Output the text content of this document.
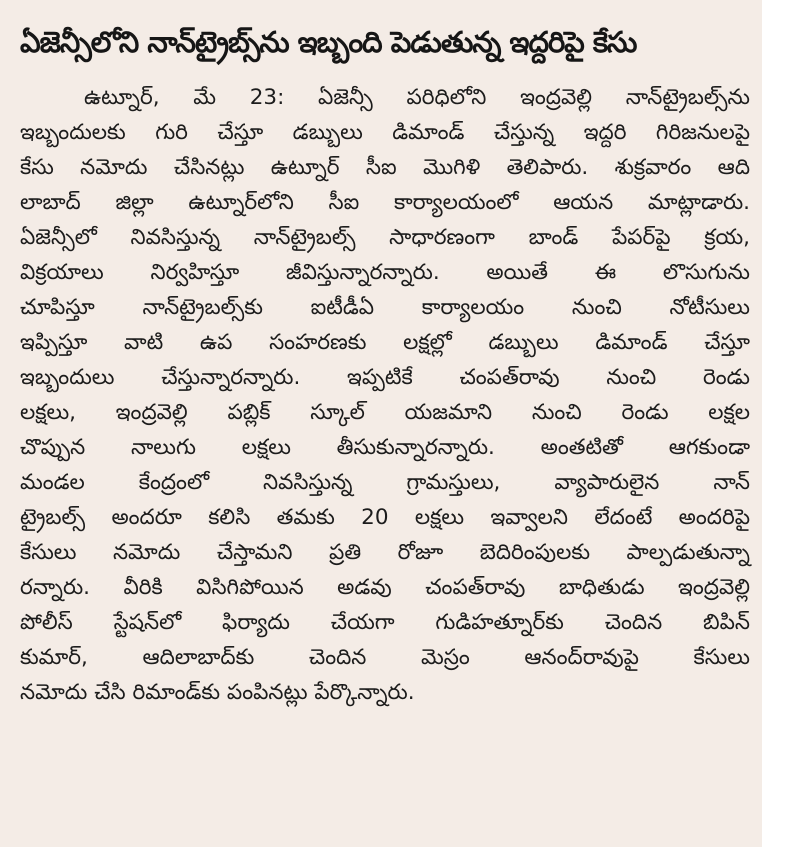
ఏజెన్సీలోని నాన్‌ట్రైబ్స్‌ను ఇబ్బంది పెడుతున్న ఇద్దరిపై కేసు
ఉట్నూర్, మే 23: ఏజెన్సీ పరిధిలోని ఇంద్రవెల్లి నాన్‌ట్రైబల్స్‌ను
ఇబ్బందులకు గురి చేస్తూ డబ్బులు డిమాండ్ చేస్తున్న ఇద్దరి గిరిజనులపై
కేసు నమోదు చేసినట్లు ఉట్నూర్ సీఐ మొగిళి తెలిపారు. శుక్రవారం ఆది
లాబాద్ జిల్లా ఉట్నూర్‌లోని సీఐ కార్యాలయంలో ఆయన మాట్లాడారు.
ఏజెన్సీలో నివసిస్తున్న నాన్‌ట్రైబల్స్ సాధారణంగా బాండ్ పేపర్‌పై క్రయ,
విక్రయాలు నిర్వహిస్తూ జీవిస్తున్నారన్నారు. అయితే ఈ లొసుగును
చూపిస్తూ నాన్‌ట్రైబల్స్‌కు ఐటీడీఏ కార్యాలయం నుంచి నోటీసులు
ఇప్పిస్తూ వాటి ఉప సంహరణకు లక్షల్లో డబ్బులు డిమాండ్ చేస్తూ
ఇబ్బందులు చేస్తున్నారన్నారు. ఇప్పటికే చంపత్‌రావు నుంచి రెండు
లక్షలు, ఇంద్రవెల్లి పబ్లిక్ స్కూల్ యజమాని నుంచి రెండు లక్షల
చొప్పున నాలుగు లక్షలు తీసుకున్నారన్నారు. అంతటితో ఆగకుండా
మండల కేంద్రంలో నివసిస్తున్న గ్రామస్తులు, వ్యాపారులైన నాన్
ట్రైబల్స్ అందరూ కలిసి తమకు 20 లక్షలు ఇవ్వాలని లేదంటే అందరిపై
కేసులు నమోదు చేస్తామని ప్రతి రోజూ బెదిరింపులకు పాల్పడుతున్నా
రన్నారు. వీరికి విసిగిపోయిన అడవు చంపత్‌రావు బాధితుడు ఇంద్రవెల్లి
పోలీస్ స్టేషన్‌లో ఫిర్యాదు చేయగా గుడిహత్నూర్‌కు చెందిన బిపిన్
కుమార్, ఆదిలాబాద్‌కు చెందిన మెస్రం ఆనంద్‌రావుపై కేసులు
నమోదు చేసి రిమాండ్‌కు పంపినట్లు పేర్కొన్నారు.
